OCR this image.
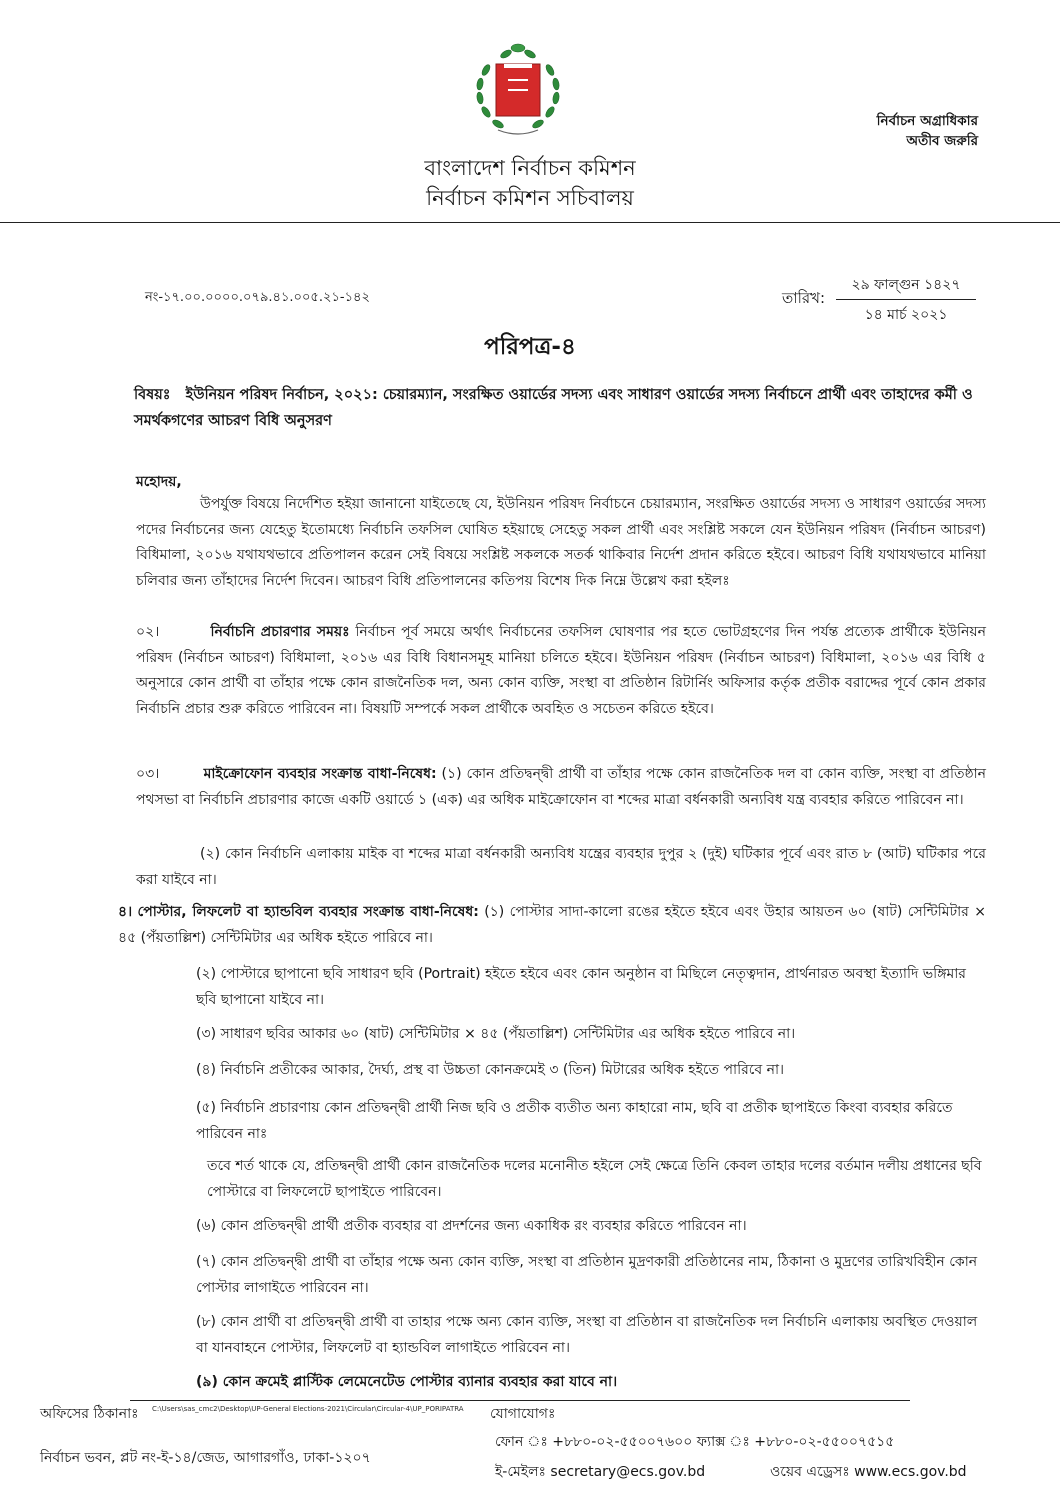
নির্বাচন অগ্রাধিকার
অতীব জরুরি
বাংলাদেশ নির্বাচন কমিশন
নির্বাচন কমিশন সচিবালয়
নং-১৭.০০.০০০০.০৭৯.৪১.০০৫.২১-১৪২	তারিখ:
২৯ ফাল্গুন ১৪২৭
১৪ মার্চ ২০২১
পরিপত্র-৪
বিষয়ঃ ইউনিয়ন পরিষদ নির্বাচন, ২০২১: চেয়ারম্যান, সংরক্ষিত ওয়ার্ডের সদস্য এবং সাধারণ ওয়ার্ডের সদস্য নির্বাচনে প্রার্থী এবং তাহাদের কর্মী ও সমর্থকগণের আচরণ বিধি অনুসরণ
মহোদয়,
উপর্যুক্ত বিষয়ে নির্দেশিত হইয়া জানানো যাইতেছে যে, ইউনিয়ন পরিষদ নির্বাচনে চেয়ারম্যান, সংরক্ষিত ওয়ার্ডের সদস্য ও সাধারণ ওয়ার্ডের সদস্য পদের নির্বাচনের জন্য যেহেতু ইতোমধ্যে নির্বাচনি তফসিল ঘোষিত হইয়াছে সেহেতু সকল প্রার্থী এবং সংশ্লিষ্ট সকলে যেন ইউনিয়ন পরিষদ (নির্বাচন আচরণ) বিধিমালা, ২০১৬ যথাযথভাবে প্রতিপালন করেন সেই বিষয়ে সংশ্লিষ্ট সকলকে সতর্ক থাকিবার নির্দেশ প্রদান করিতে হইবে। আচরণ বিধি যথাযথভাবে মানিয়া চলিবার জন্য তাঁহাদের নির্দেশ দিবেন। আচরণ বিধি প্রতিপালনের কতিপয় বিশেষ দিক নিম্নে উল্লেখ করা হইলঃ
০২।	নির্বাচনি প্রচারণার সময়ঃ নির্বাচন পূর্ব সময়ে অর্থাৎ নির্বাচনের তফসিল ঘোষণার পর হতে ভোটগ্রহণের দিন পর্যন্ত প্রত্যেক প্রার্থীকে ইউনিয়ন পরিষদ (নির্বাচন আচরণ) বিধিমালা, ২০১৬ এর বিধি বিধানসমূহ মানিয়া চলিতে হইবে। ইউনিয়ন পরিষদ (নির্বাচন আচরণ) বিধিমালা, ২০১৬ এর বিধি ৫ অনুসারে কোন প্রার্থী বা তাঁহার পক্ষে কোন রাজনৈতিক দল, অন্য কোন ব্যক্তি, সংস্থা বা প্রতিষ্ঠান রিটার্নিং অফিসার কর্তৃক প্রতীক বরাদ্দের পূর্বে কোন প্রকার নির্বাচনি প্রচার শুরু করিতে পারিবেন না। বিষয়টি সম্পর্কে সকল প্রার্থীকে অবহিত ও সচেতন করিতে হইবে।
০৩।	মাইক্রোফোন ব্যবহার সংক্রান্ত বাধা-নিষেধ: (১) কোন প্রতিদ্বন্দ্বী প্রার্থী বা তাঁহার পক্ষে কোন রাজনৈতিক দল বা কোন ব্যক্তি, সংস্থা বা প্রতিষ্ঠান পথসভা বা নির্বাচনি প্রচারণার কাজে একটি ওয়ার্ডে ১ (এক) এর অধিক মাইক্রোফোন বা শব্দের মাত্রা বর্ধনকারী অন্যবিধ যন্ত্র ব্যবহার করিতে পারিবেন না।
(২) কোন নির্বাচনি এলাকায় মাইক বা শব্দের মাত্রা বর্ধনকারী অন্যবিধ যন্ত্রের ব্যবহার দুপুর ২ (দুই) ঘটিকার পূর্বে এবং রাত ৮ (আট) ঘটিকার পরে করা যাইবে না।
৪। পোস্টার, লিফলেট বা হ্যান্ডবিল ব্যবহার সংক্রান্ত বাধা-নিষেধ: (১) পোস্টার সাদা-কালো রঙের হইতে হইবে এবং উহার আয়তন ৬০ (ষাট) সেন্টিমিটার × ৪৫ (পঁয়তাল্লিশ) সেন্টিমিটার এর অধিক হইতে পারিবে না।
(২) পোস্টারে ছাপানো ছবি সাধারণ ছবি (Portrait) হইতে হইবে এবং কোন অনুষ্ঠান বা মিছিলে নেতৃত্বদান, প্রার্থনারত অবস্থা ইত্যাদি ভঙ্গিমার ছবি ছাপানো যাইবে না।
(৩) সাধারণ ছবির আকার ৬০ (ষাট) সেন্টিমিটার × ৪৫ (পঁয়তাল্লিশ) সেন্টিমিটার এর অধিক হইতে পারিবে না।
(৪) নির্বাচনি প্রতীকের আকার, দৈর্ঘ্য, প্রস্থ বা উচ্চতা কোনক্রমেই ৩ (তিন) মিটারের অধিক হইতে পারিবে না।
(৫) নির্বাচনি প্রচারণায় কোন প্রতিদ্বন্দ্বী প্রার্থী নিজ ছবি ও প্রতীক ব্যতীত অন্য কাহারো নাম, ছবি বা প্রতীক ছাপাইতে কিংবা ব্যবহার করিতে পারিবেন নাঃ
তবে শর্ত থাকে যে, প্রতিদ্বন্দ্বী প্রার্থী কোন রাজনৈতিক দলের মনোনীত হইলে সেই ক্ষেত্রে তিনি কেবল তাহার দলের বর্তমান দলীয় প্রধানের ছবি পোস্টারে বা লিফলেটে ছাপাইতে পারিবেন।
(৬) কোন প্রতিদ্বন্দ্বী প্রার্থী প্রতীক ব্যবহার বা প্রদর্শনের জন্য একাধিক রং ব্যবহার করিতে পারিবেন না।
(৭) কোন প্রতিদ্বন্দ্বী প্রার্থী বা তাঁহার পক্ষে অন্য কোন ব্যক্তি, সংস্থা বা প্রতিষ্ঠান মুদ্রণকারী প্রতিষ্ঠানের নাম, ঠিকানা ও মুদ্রণের তারিখবিহীন কোন পোস্টার লাগাইতে পারিবেন না।
(৮) কোন প্রার্থী বা প্রতিদ্বন্দ্বী প্রার্থী বা তাহার পক্ষে অন্য কোন ব্যক্তি, সংস্থা বা প্রতিষ্ঠান বা রাজনৈতিক দল নির্বাচনি এলাকায় অবস্থিত দেওয়াল বা যানবাহনে পোস্টার, লিফলেট বা হ্যান্ডবিল লাগাইতে পারিবেন না।
(৯) কোন ক্রমেই প্লাস্টিক লেমেনেটেড পোস্টার ব্যানার ব্যবহার করা যাবে না।
অফিসের ঠিকানাঃ C:\Users\sas_cmc2\Desktop\UP-General Elections-2021\Circular\Circular-4\UP_PORIPATRA যোগাযোগঃ
নির্বাচন ভবন, প্লট নং-ই-১৪/জেড, আগারগাঁও, ঢাকা-১২০৭
ফোন ঃ +৮৮০-০২-৫৫০০৭৬০০ ফ্যাক্স ঃ +৮৮০-০২-৫৫০০৭৫১৫
ই-মেইলঃ secretary@ecs.gov.bd	ওয়েব এড্রেসঃ www.ecs.gov.bd
